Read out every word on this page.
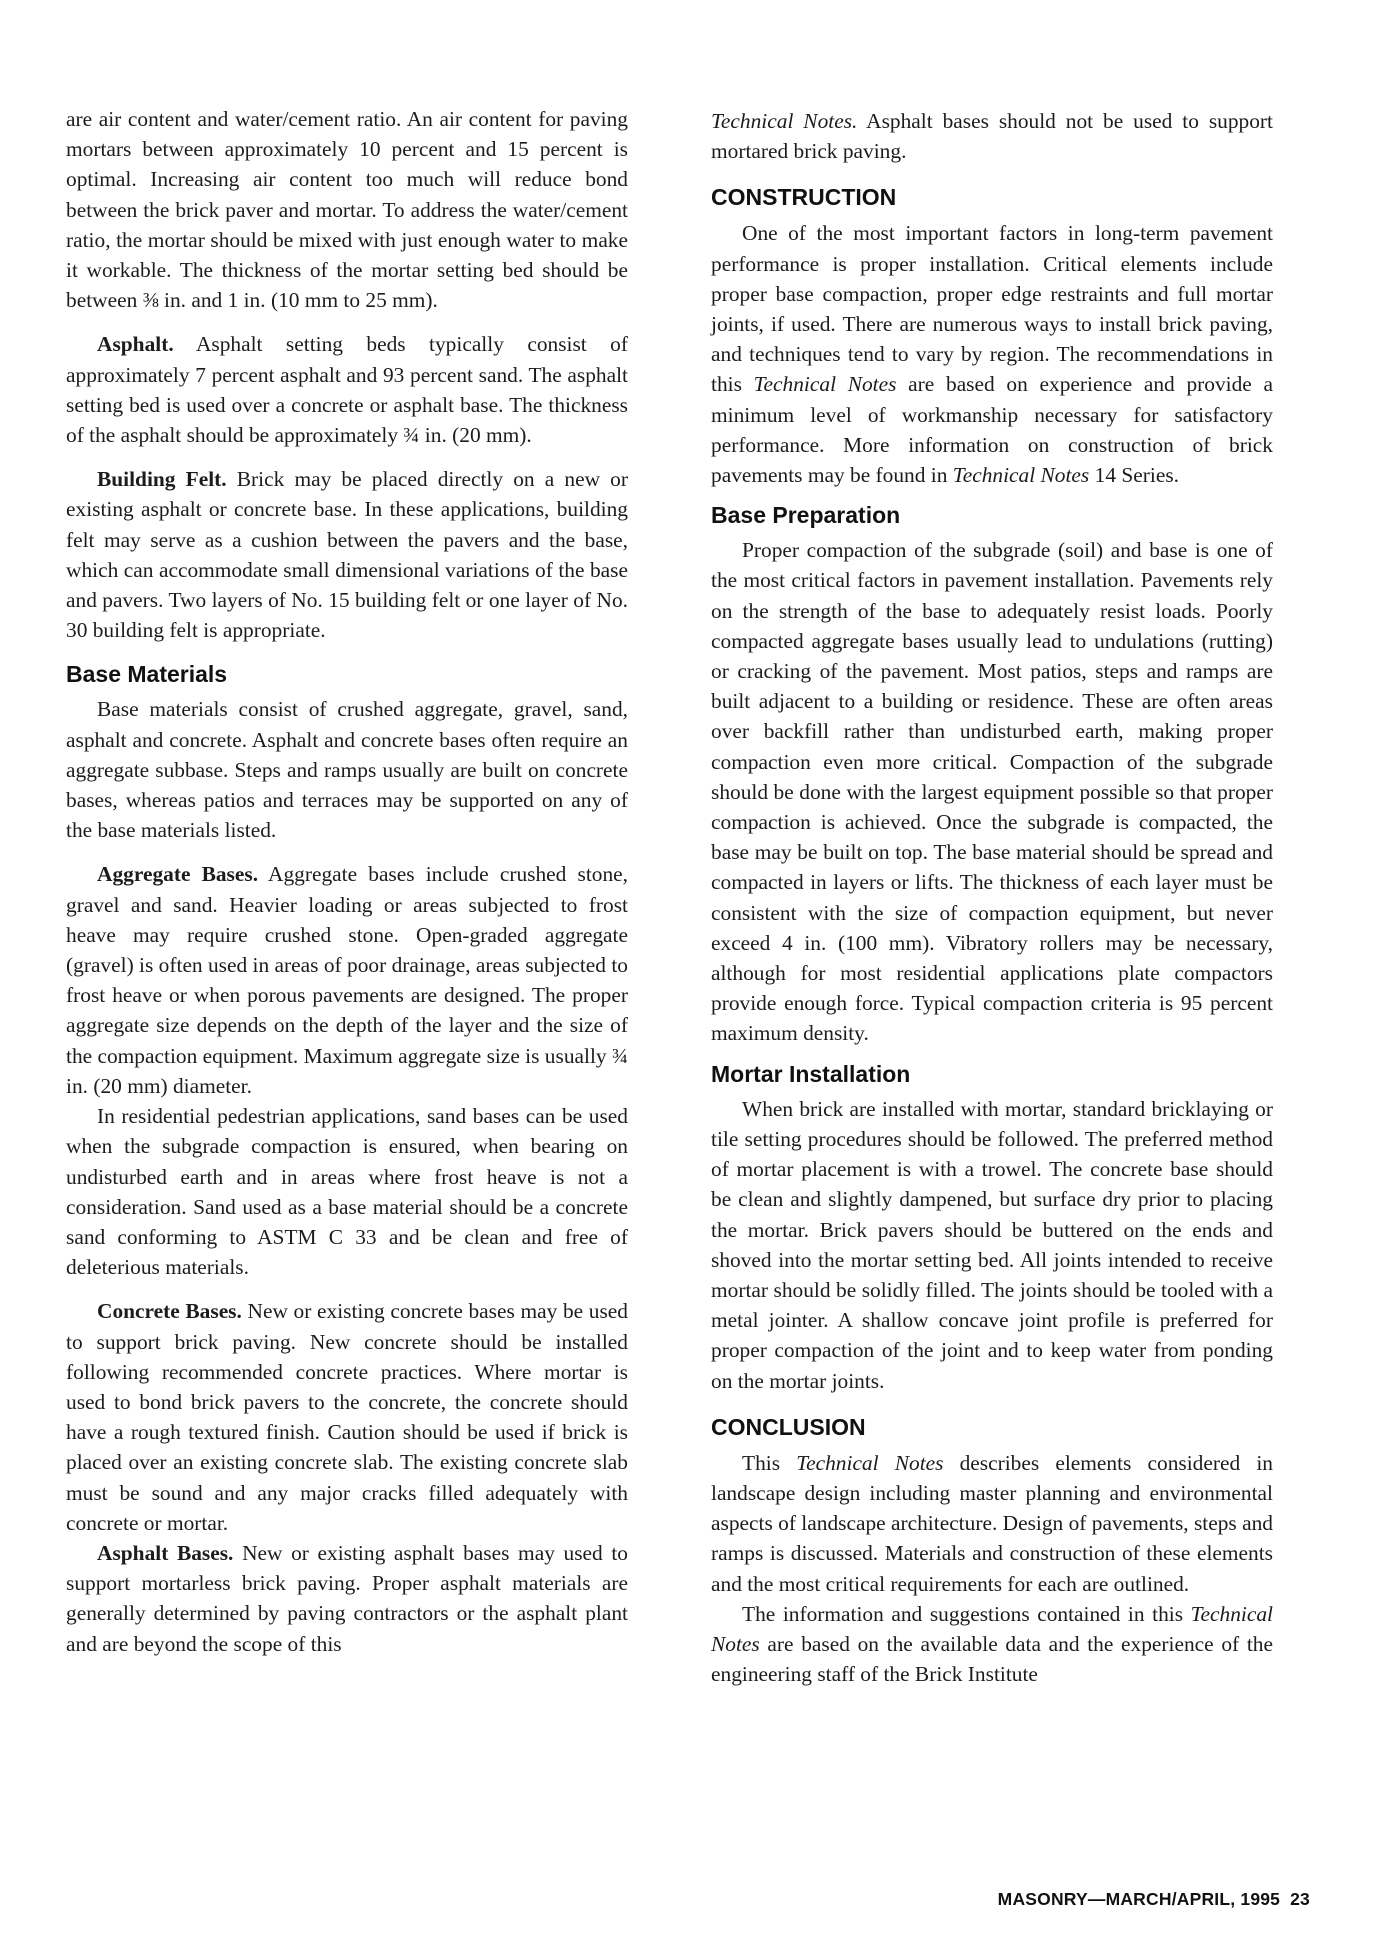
are air content and water/cement ratio. An air content for paving mortars between approximately 10 percent and 15 percent is optimal. Increasing air content too much will reduce bond between the brick paver and mortar. To address the water/cement ratio, the mortar should be mixed with just enough water to make it workable. The thickness of the mortar setting bed should be between ⅜ in. and 1 in. (10 mm to 25 mm).

Asphalt. Asphalt setting beds typically consist of approximately 7 percent asphalt and 93 percent sand. The asphalt setting bed is used over a concrete or asphalt base. The thickness of the asphalt should be approximately ¾ in. (20 mm).

Building Felt. Brick may be placed directly on a new or existing asphalt or concrete base. In these applications, building felt may serve as a cushion between the pavers and the base, which can accommodate small dimensional variations of the base and pavers. Two layers of No. 15 building felt or one layer of No. 30 building felt is appropriate.

Base Materials

Base materials consist of crushed aggregate, gravel, sand, asphalt and concrete. Asphalt and concrete bases often require an aggregate subbase. Steps and ramps usually are built on concrete bases, whereas patios and terraces may be supported on any of the base materials listed.

Aggregate Bases. Aggregate bases include crushed stone, gravel and sand. Heavier loading or areas subjected to frost heave may require crushed stone. Open-graded aggregate (gravel) is often used in areas of poor drainage, areas subjected to frost heave or when porous pavements are designed. The proper aggregate size depends on the depth of the layer and the size of the compaction equipment. Maximum aggregate size is usually ¾ in. (20 mm) diameter.

In residential pedestrian applications, sand bases can be used when the subgrade compaction is ensured, when bearing on undisturbed earth and in areas where frost heave is not a consideration. Sand used as a base material should be a concrete sand conforming to ASTM C 33 and be clean and free of deleterious materials.

Concrete Bases. New or existing concrete bases may be used to support brick paving. New concrete should be installed following recommended concrete practices. Where mortar is used to bond brick pavers to the concrete, the concrete should have a rough textured finish. Caution should be used if brick is placed over an existing concrete slab. The existing concrete slab must be sound and any major cracks filled adequately with concrete or mortar.

Asphalt Bases. New or existing asphalt bases may used to support mortarless brick paving. Proper asphalt materials are generally determined by paving contractors or the asphalt plant and are beyond the scope of this

Technical Notes. Asphalt bases should not be used to support mortared brick paving.

CONSTRUCTION

One of the most important factors in long-term pavement performance is proper installation. Critical elements include proper base compaction, proper edge restraints and full mortar joints, if used. There are numerous ways to install brick paving, and techniques tend to vary by region. The recommendations in this Technical Notes are based on experience and provide a minimum level of workmanship necessary for satisfactory performance. More information on construction of brick pavements may be found in Technical Notes 14 Series.

Base Preparation

Proper compaction of the subgrade (soil) and base is one of the most critical factors in pavement installation. Pavements rely on the strength of the base to adequately resist loads. Poorly compacted aggregate bases usually lead to undulations (rutting) or cracking of the pavement. Most patios, steps and ramps are built adjacent to a building or residence. These are often areas over backfill rather than undisturbed earth, making proper compaction even more critical. Compaction of the subgrade should be done with the largest equipment possible so that proper compaction is achieved. Once the subgrade is compacted, the base may be built on top. The base material should be spread and compacted in layers or lifts. The thickness of each layer must be consistent with the size of compaction equipment, but never exceed 4 in. (100 mm). Vibratory rollers may be necessary, although for most residential applications plate compactors provide enough force. Typical compaction criteria is 95 percent maximum density.

Mortar Installation

When brick are installed with mortar, standard bricklaying or tile setting procedures should be followed. The preferred method of mortar placement is with a trowel. The concrete base should be clean and slightly dampened, but surface dry prior to placing the mortar. Brick pavers should be buttered on the ends and shoved into the mortar setting bed. All joints intended to receive mortar should be solidly filled. The joints should be tooled with a metal jointer. A shallow concave joint profile is preferred for proper compaction of the joint and to keep water from ponding on the mortar joints.

CONCLUSION

This Technical Notes describes elements considered in landscape design including master planning and environmental aspects of landscape architecture. Design of pavements, steps and ramps is discussed. Materials and construction of these elements and the most critical requirements for each are outlined.

The information and suggestions contained in this Technical Notes are based on the available data and the experience of the engineering staff of the Brick Institute

MASONRY—MARCH/APRIL, 1995 23
